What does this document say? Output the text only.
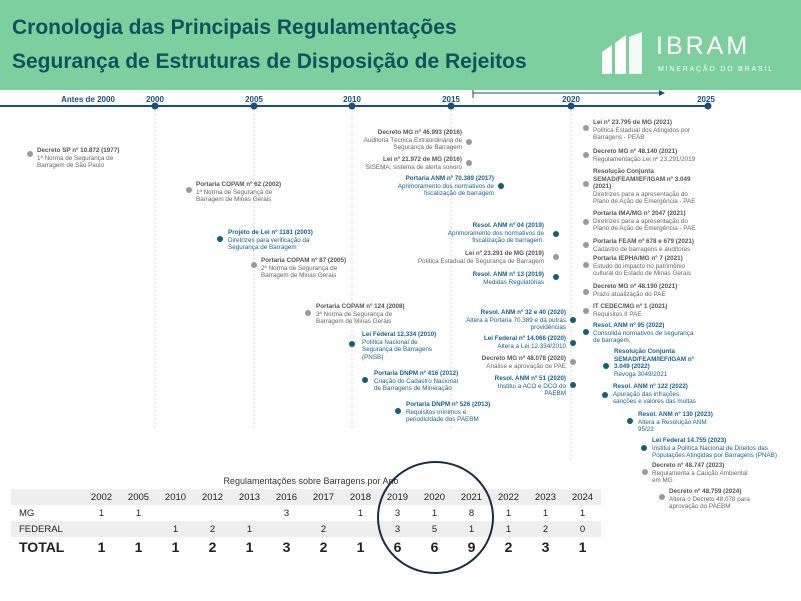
Cronologia das Principais Regulamentações
Segurança de Estruturas de Disposição de Rejeitos
IBRAM
MINERAÇÃO DO BRASIL
Antes de 2000	2000	2005	2010	2015	2020	2025
Decreto SP nº 10.872 (1977)
1ª Norma de Segurança de
Barragem de São Paulo
Portaria COPAM nº 62 (2002)
1ª Norma de Segurança de
Barragem de Minas Gerais
Projeto de Lei nº 1181 (2003)
Diretrizes para verificação da
Segurança de Barragem
Portaria COPAM nº 87 (2005)
2ª Norma de Segurança de
Barragem de Minas Gerais
Portaria COPAM nº 124 (2008)
3ª Norma de Segurança de
Barragem de Minas Gerais
Lei Federal 12.334 (2010)
Política Nacional de
Segurança de Barragens
(PNSB)
Portaria DNPM nº 416 (2012)
Criação do Cadastro Nacional
de Barragens de Mineração
Portaria DNPM nº 526 (2013)
Requisitos mínimos e
periodicidade dos PAEBM
Decreto MG nº 46.993 (2016)
Auditoria Técnica Extraordinária de
Segurança de Barragem
Lei nº 21.972 de MG (2016)
SISEMA; sistema de alerta sonoro
Portaria ANM nº 70.389 (2017)
Aprimoramento dos normativos de
fiscalização de barragem
Resol. ANM nº 04 (2019)
Aprimoramento dos normativos de
fiscalização de barragem.
Lei nº 23.291 de MG (2019)
Política Estadual de Segurança de Barragem
Resol. ANM nº 13 (2019)
Medidas Regulatórias
Resol. ANM nº 32 e 40 (2020)
Altera a Portaria 70.389 e dá outras
providências
Lei Federal nº 14.066 (2020)
Altera a Lei 12.334/2010
Decreto MG nº 48.078 (2020)
Análise e aprovação de PAE
Resol. ANM nº 51 (2020)
Institui a ACO e DCO do
PAEBM
Lei nº 23.795 de MG (2021)
Política Estadual dos Atingidos por
Barragens - PEAB
Decreto MG nº 48.140 (2021)
Regulamentação Lei nº 23.291/2019
Resolução Conjunta SEMAD/FEAM/IEF/IGAM nº 3.049 (2021)
Diretrizes para a apresentação do
Plano de Ação de Emergência - PAE
Portaria IMA/MG nº 2047 (2021)
Diretrizes para a apresentação do
Plano de Ação de Emergência - PAE
Portaria FEAM nº 678 e 679 (2021)
Cadastro de barragens e auditores
Portaria IEPHA/MG nº 7 (2021)
Estudo do impacto no patrimônio
cultural do Estado de Minas Gerais
Decreto MG nº 48.190 (2021)
Prazo atualização do PAE
IT CEDEC/MG nº 1 (2021)
Requisitos II PAE
Resol. ANM nº 95 (2022)
Consolida normativos de segurança
de barragem.
Resolução Conjunta SEMAD/FEAM/IEF/IGAM nº 3.049 (2022)
Revoga 3049/2021
Resol. ANM nº 122 (2022)
Apuração das infrações,
sanções e valores das multas
Resol. ANM nº 130 (2023)
Altera a Resolução ANM
95/22
Lei Federal 14.755 (2023)
Institui a Política Nacional de Direitos das
Populações Atingidas por Barragens (PNAB)
Decreto nº 48.747 (2023)
Regulamenta a Caução Ambiental
em MG
Decreto nº 48.759 (2024)
Altera o Decreto 48.078 para
aprovação do PAEBM
Regulamentações sobre Barragens por Ano
	2002	2005	2010	2012	2013	2016	2017	2018	2019	2020	2021	2022	2023	2024
MG	1	1				3		1	3	1	8	1	1	1
FEDERAL			1	2	1		2		3	5	1	1	2	0
TOTAL	1	1	1	2	1	3	2	1	6	6	9	2	3	1
